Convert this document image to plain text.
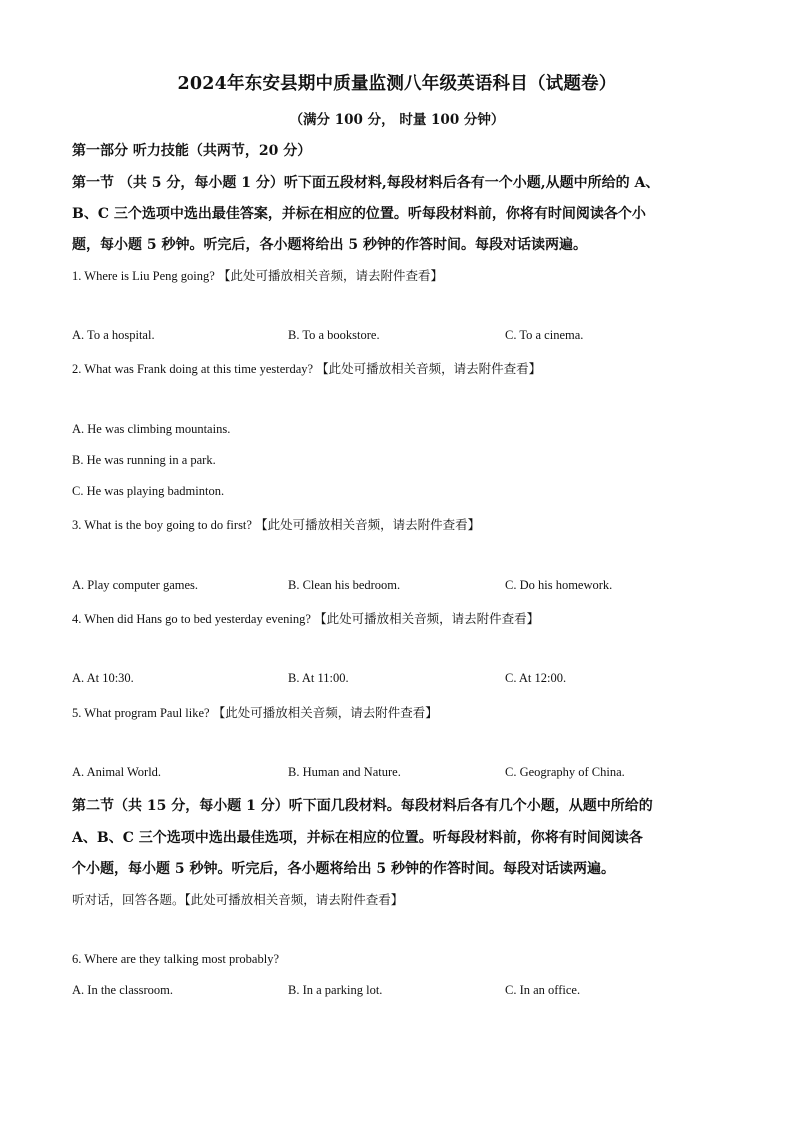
2024年东安县期中质量监测八年级英语科目（试题卷）
（满分 100 分， 时量 100 分钟）
第一部分 听力技能（共两节，20 分）
第一节 （共 5 分，每小题 1 分）听下面五段材料,每段材料后各有一个小题,从题中所给的 A、
B、C 三个选项中选出最佳答案，并标在相应的位置。听每段材料前，你将有时间阅读各个小
题，每小题 5 秒钟。听完后，各小题将给出 5 秒钟的作答时间。每段对话读两遍。
1. Where is Liu Peng going? 【此处可播放相关音频，请去附件查看】
A. To a hospital.	B. To a bookstore.	C. To a cinema.
2. What was Frank doing at this time yesterday? 【此处可播放相关音频，请去附件查看】
A. He was climbing mountains.
B. He was running in a park.
C. He was playing badminton.
3. What is the boy going to do first? 【此处可播放相关音频，请去附件查看】
A. Play computer games.	B. Clean his bedroom.	C. Do his homework.
4. When did Hans go to bed yesterday evening? 【此处可播放相关音频，请去附件查看】
A. At 10:30.	B. At 11:00.	C. At 12:00.
5. What program Paul like? 【此处可播放相关音频，请去附件查看】
A. Animal World.	B. Human and Nature.	C. Geography of China.
第二节（共 15 分，每小题 1 分）听下面几段材料。每段材料后各有几个小题，从题中所给的
A、B、C 三个选项中选出最佳选项，并标在相应的位置。听每段材料前，你将有时间阅读各
个小题，每小题 5 秒钟。听完后，各小题将给出 5 秒钟的作答时间。每段对话读两遍。
听对话，回答各题。【此处可播放相关音频，请去附件查看】
6. Where are they talking most probably?
A. In the classroom.	B. In a parking lot.	C. In an office.
